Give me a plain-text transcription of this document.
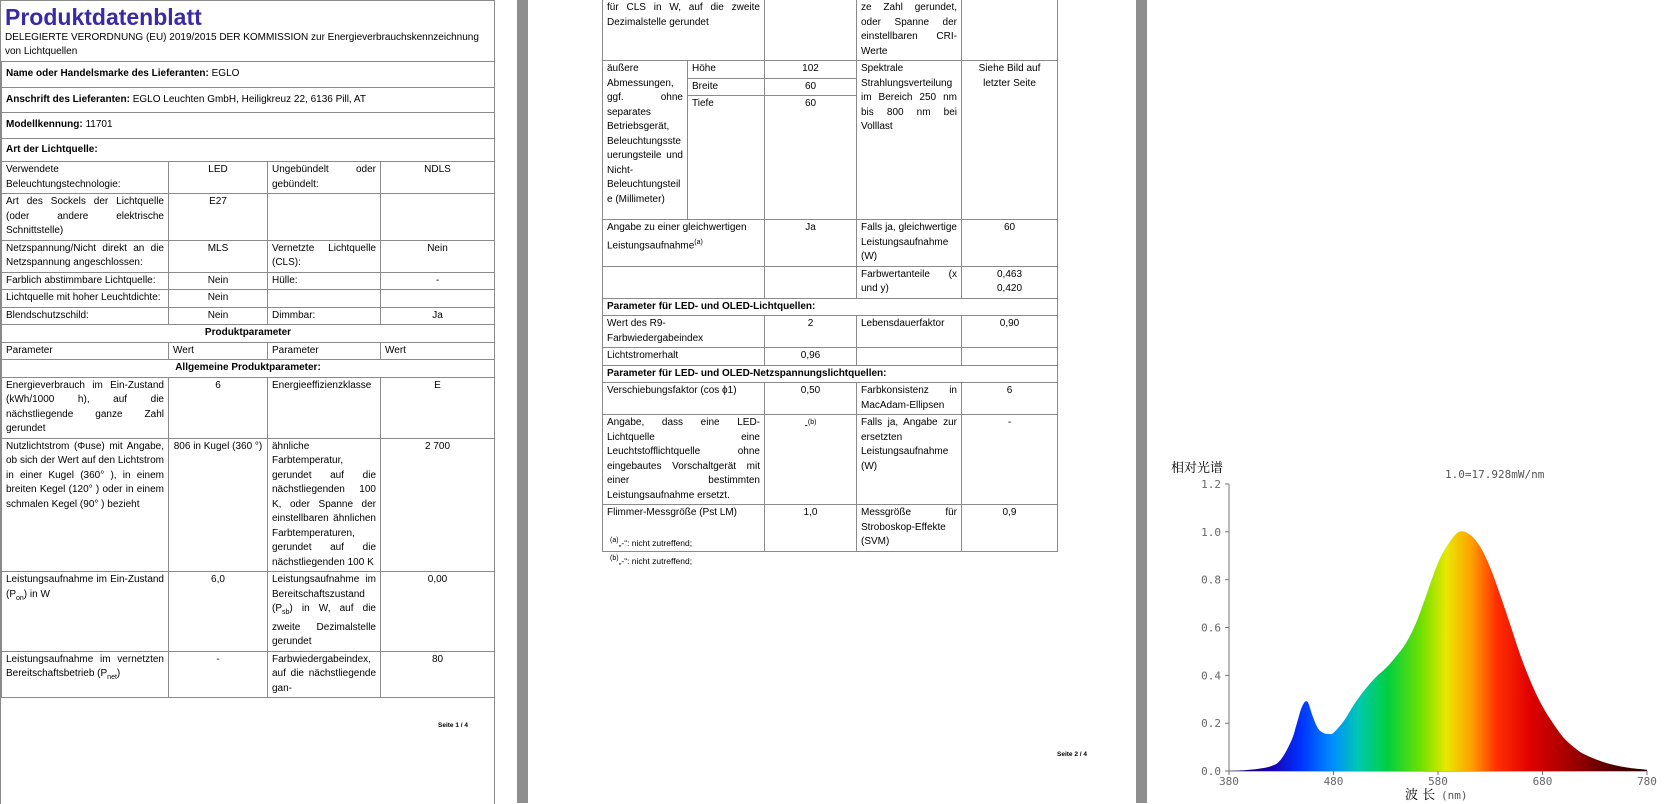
Produktdatenblatt
DELEGIERTE VERORDNUNG (EU) 2019/2015 DER KOMMISSION zur Energieverbrauchskennzeichnung von Lichtquellen
Name oder Handelsmarke des Lieferanten: EGLO			
Anschrift des Lieferanten: EGLO Leuchten GmbH, Heiligkreuz 22, 6136 Pill, AT			
Modellkennung: 11701			
Art der Lichtquelle:			
Verwendete Beleuchtungstechnologie:	LED	Ungebündelt oder gebündelt:	NDLS
Art des Sockels der Lichtquelle (oder andere elektrische Schnittstelle)	E27		
Netzspannung/Nicht direkt an die Netzspannung angeschlossen:	MLS	Vernetzte Lichtquelle (CLS):	Nein
Farblich abstimmbare Lichtquelle:	Nein	Hülle:	-
Lichtquelle mit hoher Leuchtdichte:	Nein		
Blendschutzschild:	Nein	Dimmbar:	Ja
Produktparameter			
Parameter	Wert	Parameter	Wert
Allgemeine Produktparameter:			
Energieverbrauch im Ein-Zustand (kWh/1000 h), auf die nächstliegende ganze Zahl gerundet	6	Energieeffizienzklasse	E
Nutzlichtstrom (Φuse) mit Angabe, ob sich der Wert auf den Lichtstrom in einer Kugel (360° ), in einem breiten Kegel (120° ) oder in einem schmalen Kegel (90° ) bezieht	806 in Kugel (360 °)	ähnliche Farbtemperatur, gerundet auf die nächstliegenden 100 K, oder Spanne der einstellbaren ähnlichen Farbtemperaturen, gerundet auf die nächstliegenden 100 K	2 700
Leistungsaufnahme im Ein-Zustand $(P_{on})$ in W	6,0	Leistungsaufnahme im Bereitschaftszustand $(P_{sb})$ in W, auf die zweite Dezimalstelle gerundet	0,00
Leistungsaufnahme im vernetzten Bereitschaftsbetrieb $(P_{net})$	-	Farbwiedergabeindex, auf die nächstliegende gan-	80
Seite 1 / 4
für CLS in W, auf die zweite Dezimalstelle gerundet			ze Zahl gerundet, oder Spanne der einstellbaren CRI-Werte	
äußere Abmessungen, ggf. ohne separates Betriebsgerät, Beleuchtungssteuerungsteile und Nicht-Beleuchtungsteile (Millimeter)	Höhe	102	Spektrale Strahlungsverteilung im Bereich 250 nm bis 800 nm bei Volllast	Siehe Bild auf letzter Seite
	Breite	60		
	Tiefe	60		
Angabe zu einer gleichwertigen Leistungsaufnahme$^{(a)}$		Ja	Falls ja, gleichwertige Leistungsaufnahme (W)	60
			Farbwertanteile (x und y)	0,463
0,420

Parameter für LED- und OLED-Lichtquellen:				
Wert des R9-Farbwiedergabeindex		2	Lebensdauerfaktor	0,90
Lichtstromerhalt		0,96		
Parameter für LED- und OLED-Netzspannungslichtquellen:				
Verschiebungsfaktor (cos ϕ1)		0,50	Farbkonsistenz in MacAdam-Ellipsen	6
Angabe, dass eine LED-Lichtquelle eine Leuchtstofflichtquelle ohne eingebautes Vorschaltgerät mit einer bestimmten Leistungsaufnahme ersetzt.		-$^{(b)}$	Falls ja, Angabe zur ersetzten Leistungsaufnahme (W)	-
Flimmer-Messgröße (Pst LM)		1,0	Messgröße für Stroboskop-Effekte (SVM)	0,9
$^{(a)}$„-“: nicht zutreffend;
$^{(b)}$„-“: nicht zutreffend;
Seite 2 / 4
相对光谱	1.0=17.928mW/nm
0.0
0.2
0.4
0.6
0.8
1.0
1.2
380	480	580	680	780
波 长 (nm)
